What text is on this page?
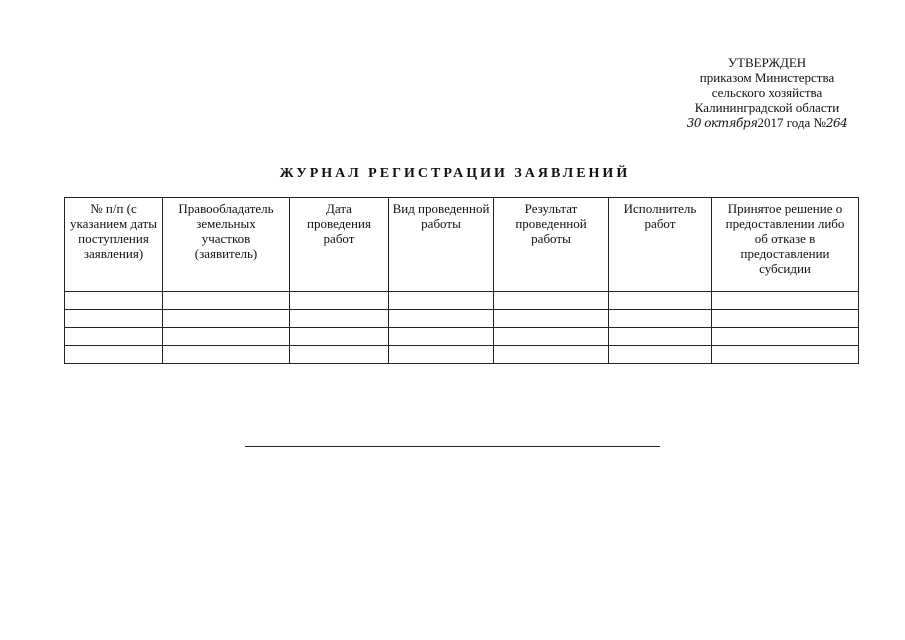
УТВЕРЖДЕН
приказом Министерства
сельского хозяйства
Калининградской области
30 октября2017 года №264
ЖУРНАЛ РЕГИСТРАЦИИ ЗАЯВЛЕНИЙ
№ п/п (с указанием даты поступления заявления)	Правообладатель земельных участков (заявитель)	Дата проведения работ	Вид проведенной работы	Результат проведенной работы	Исполнитель работ	Принятое решение о предоставлении либо об отказе в предоставлении субсидии
